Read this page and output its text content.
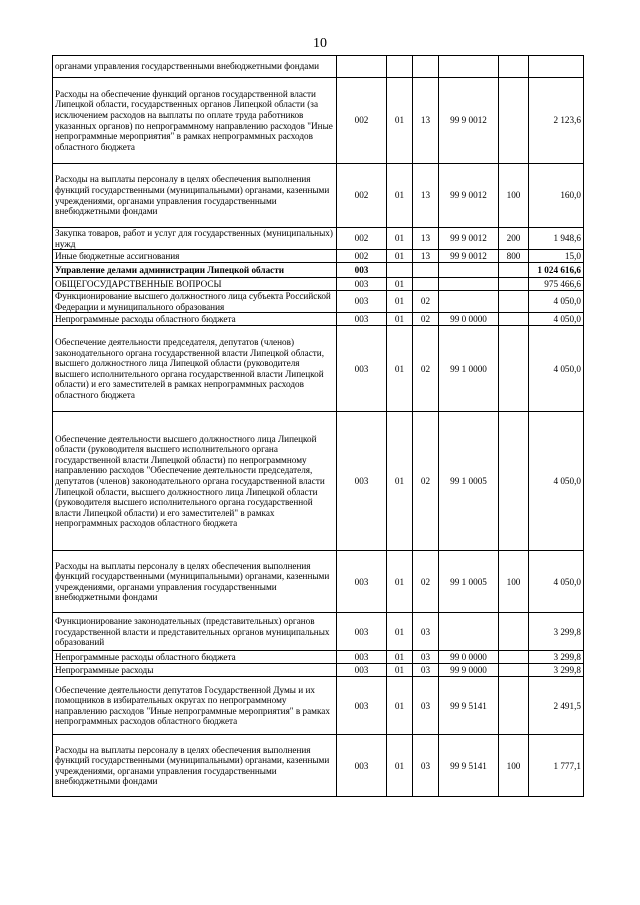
10
органами управления государственными внебюджетными фондами						
Расходы на обеспечение функций органов государственной власти Липецкой области, государственных органов Липецкой области (за исключением расходов на выплаты по оплате труда работников указанных органов) по непрограммному направлению расходов "Иные непрограммные мероприятия" в рамках непрограммных расходов областного бюджета	002	01	13	99 9 0012		2 123,6
Расходы на выплаты персоналу в целях обеспечения выполнения функций государственными (муниципальными) органами, казенными учреждениями, органами управления государственными внебюджетными фондами	002	01	13	99 9 0012	100	160,0
Закупка товаров, работ и услуг для государственных (муниципальных) нужд	002	01	13	99 9 0012	200	1 948,6
Иные бюджетные ассигнования	002	01	13	99 9 0012	800	15,0
Управление делами администрации Липецкой области	003					1 024 616,6
ОБЩЕГОСУДАРСТВЕННЫЕ ВОПРОСЫ	003	01				975 466,6
Функционирование высшего должностного лица субъекта Российской Федерации и муниципального образования	003	01	02			4 050,0
Непрограммные расходы областного бюджета	003	01	02	99 0 0000		4 050,0
Обеспечение деятельности председателя, депутатов (членов) законодательного органа государственной власти Липецкой области, высшего должностного лица Липецкой области (руководителя высшего исполнительного органа государственной власти Липецкой области) и его заместителей в рамках непрограммных расходов областного бюджета	003	01	02	99 1 0000		4 050,0
Обеспечение деятельности высшего должностного лица Липецкой области (руководителя высшего исполнительного органа государственной власти Липецкой области) по непрограммному направлению расходов "Обеспечение деятельности председателя, депутатов (членов) законодательного органа государственной власти Липецкой области, высшего должностного лица Липецкой области (руководителя высшего исполнительного органа государственной власти Липецкой области) и его заместителей" в рамках непрограммных расходов областного бюджета	003	01	02	99 1 0005		4 050,0
Расходы на выплаты персоналу в целях обеспечения выполнения функций государственными (муниципальными) органами, казенными учреждениями, органами управления государственными внебюджетными фондами	003	01	02	99 1 0005	100	4 050,0
Функционирование законодательных (представительных) органов государственной власти и представительных органов муниципальных образований	003	01	03			3 299,8
Непрограммные расходы областного бюджета	003	01	03	99 0 0000		3 299,8
Непрограммные расходы	003	01	03	99 9 0000		3 299,8
Обеспечение деятельности депутатов Государственной Думы и их помощников в избирательных округах по непрограммному направлению расходов "Иные непрограммные мероприятия" в рамках непрограммных расходов областного бюджета	003	01	03	99 9 5141		2 491,5
Расходы на выплаты персоналу в целях обеспечения выполнения функций государственными (муниципальными) органами, казенными учреждениями, органами управления государственными внебюджетными фондами	003	01	03	99 9 5141	100	1 777,1
